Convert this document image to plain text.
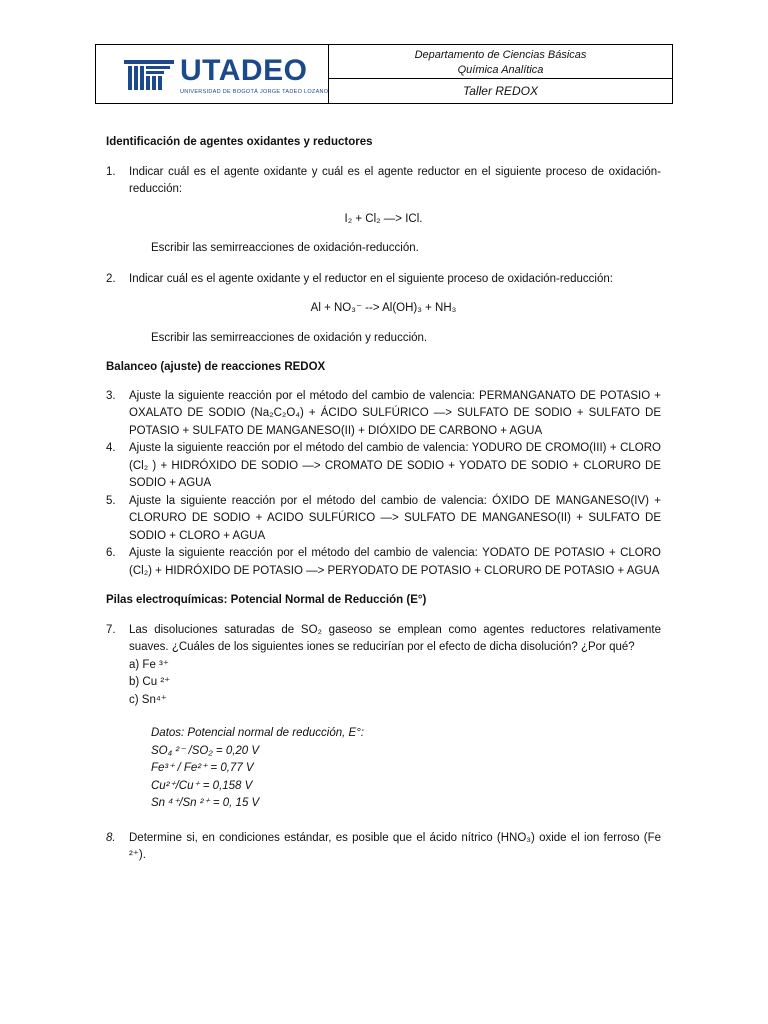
UTADEO
UNIVERSIDAD DE BOGOTÁ JORGE TADEO LOZANO
Departamento de Ciencias Básicas
Química Analítica
Taller REDOX

Identificación de agentes oxidantes y reductores

1. Indicar cuál es el agente oxidante y cuál es el agente reductor en el siguiente proceso de oxidación-reducción:

I₂ + Cl₂ —> ICl.

Escribir las semirreacciones de oxidación-reducción.

2. Indicar cuál es el agente oxidante y el reductor en el siguiente proceso de oxidación-reducción:

Al + NO₃⁻ --> Al(OH)₃ + NH₃

Escribir las semirreacciones de oxidación y reducción.

Balanceo (ajuste) de reacciones REDOX

3. Ajuste la siguiente reacción por el método del cambio de valencia: PERMANGANATO DE POTASIO + OXALATO DE SODIO (Na₂C₂O₄) + ÁCIDO SULFÚRICO —> SULFATO DE SODIO + SULFATO DE POTASIO + SULFATO DE MANGANESO(II) + DIÓXIDO DE CARBONO + AGUA
4. Ajuste la siguiente reacción por el método del cambio de valencia: YODURO DE CROMO(III) + CLORO (Cl₂ ) + HIDRÓXIDO DE SODIO —> CROMATO DE SODIO + YODATO DE SODIO + CLORURO DE SODIO + AGUA
5. Ajuste la siguiente reacción por el método del cambio de valencia: ÓXIDO DE MANGANESO(IV) + CLORURO DE SODIO + ACIDO SULFÚRICO —> SULFATO DE MANGANESO(II) + SULFATO DE SODIO + CLORO + AGUA
6. Ajuste la siguiente reacción por el método del cambio de valencia: YODATO DE POTASIO + CLORO (Cl₂) + HIDRÓXIDO DE POTASIO —> PERYODATO DE POTASIO + CLORURO DE POTASIO + AGUA

Pilas electroquímicas: Potencial Normal de Reducción (E°)

7. Las disoluciones saturadas de SO₂ gaseoso se emplean como agentes reductores relativamente suaves. ¿Cuáles de los siguientes iones se reducirían por el efecto de dicha disolución? ¿Por qué?

a) Fe ³⁺

b) Cu ²⁺

c) Sn⁴⁺

Datos: Potencial normal de reducción, E°:

SO₄ ²⁻ /SO₂ = 0,20 V

Fe³⁺ / Fe²⁺ = 0,77 V

Cu²⁺/Cu⁺ = 0,158 V

Sn ⁴⁺/Sn ²⁺ = 0, 15 V

8. Determine si, en condiciones estándar, es posible que el ácido nítrico (HNO₃) oxide el ion ferroso (Fe ²⁺).
